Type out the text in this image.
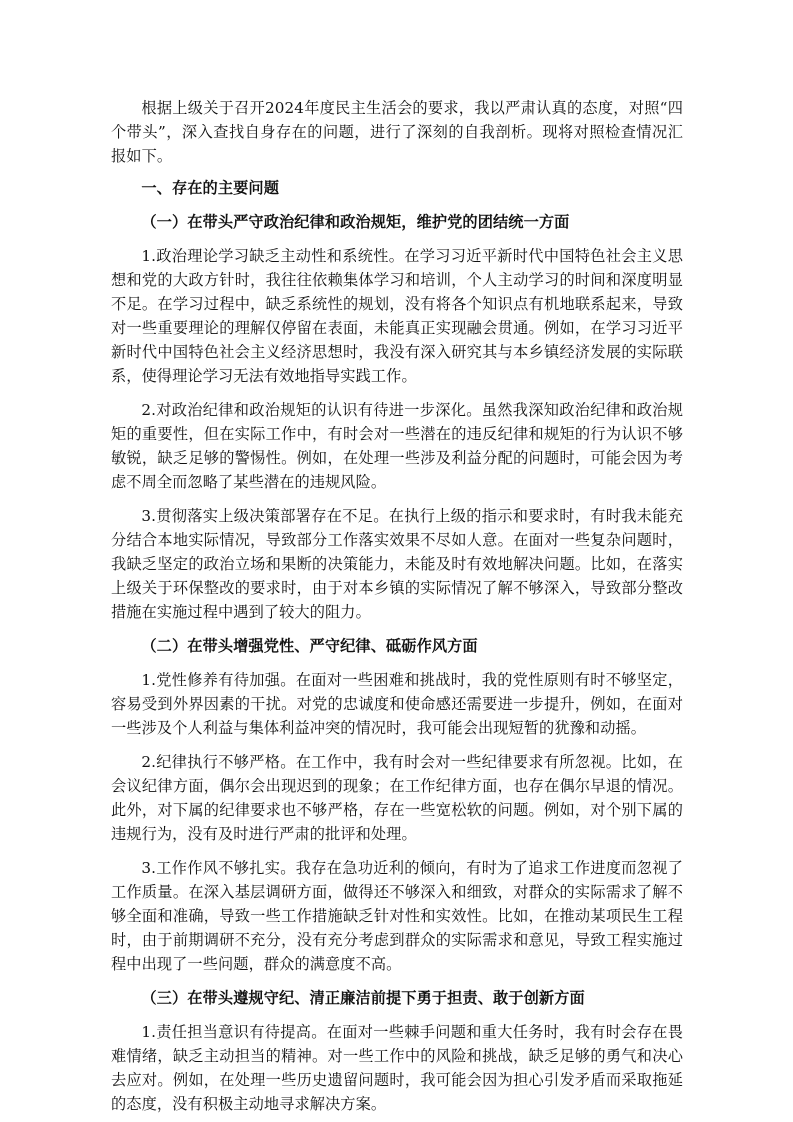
根据上级关于召开2024年度民主生活会的要求，我以严肃认真的态度，对照“四个带头”，深入查找自身存在的问题，进行了深刻的自我剖析。现将对照检查情况汇报如下。

一、存在的主要问题

（一）在带头严守政治纪律和政治规矩，维护党的团结统一方面

1.政治理论学习缺乏主动性和系统性。在学习习近平新时代中国特色社会主义思想和党的大政方针时，我往往依赖集体学习和培训，个人主动学习的时间和深度明显不足。在学习过程中，缺乏系统性的规划，没有将各个知识点有机地联系起来，导致对一些重要理论的理解仅停留在表面，未能真正实现融会贯通。例如，在学习习近平新时代中国特色社会主义经济思想时，我没有深入研究其与本乡镇经济发展的实际联系，使得理论学习无法有效地指导实践工作。

2.对政治纪律和政治规矩的认识有待进一步深化。虽然我深知政治纪律和政治规矩的重要性，但在实际工作中，有时会对一些潜在的违反纪律和规矩的行为认识不够敏锐，缺乏足够的警惕性。例如，在处理一些涉及利益分配的问题时，可能会因为考虑不周全而忽略了某些潜在的违规风险。

3.贯彻落实上级决策部署存在不足。在执行上级的指示和要求时，有时我未能充分结合本地实际情况，导致部分工作落实效果不尽如人意。在面对一些复杂问题时，我缺乏坚定的政治立场和果断的决策能力，未能及时有效地解决问题。比如，在落实上级关于环保整改的要求时，由于对本乡镇的实际情况了解不够深入，导致部分整改措施在实施过程中遇到了较大的阻力。

（二）在带头增强党性、严守纪律、砥砺作风方面

1.党性修养有待加强。在面对一些困难和挑战时，我的党性原则有时不够坚定，容易受到外界因素的干扰。对党的忠诚度和使命感还需要进一步提升，例如，在面对一些涉及个人利益与集体利益冲突的情况时，我可能会出现短暂的犹豫和动摇。

2.纪律执行不够严格。在工作中，我有时会对一些纪律要求有所忽视。比如，在会议纪律方面，偶尔会出现迟到的现象；在工作纪律方面，也存在偶尔早退的情况。此外，对下属的纪律要求也不够严格，存在一些宽松软的问题。例如，对个别下属的违规行为，没有及时进行严肃的批评和处理。

3.工作作风不够扎实。我存在急功近利的倾向，有时为了追求工作进度而忽视了工作质量。在深入基层调研方面，做得还不够深入和细致，对群众的实际需求了解不够全面和准确，导致一些工作措施缺乏针对性和实效性。比如，在推动某项民生工程时，由于前期调研不充分，没有充分考虑到群众的实际需求和意见，导致工程实施过程中出现了一些问题，群众的满意度不高。

（三）在带头遵规守纪、清正廉洁前提下勇于担责、敢于创新方面

1.责任担当意识有待提高。在面对一些棘手问题和重大任务时，我有时会存在畏难情绪，缺乏主动担当的精神。对一些工作中的风险和挑战，缺乏足够的勇气和决心去应对。例如，在处理一些历史遗留问题时，我可能会因为担心引发矛盾而采取拖延的态度，没有积极主动地寻求解决方案。
